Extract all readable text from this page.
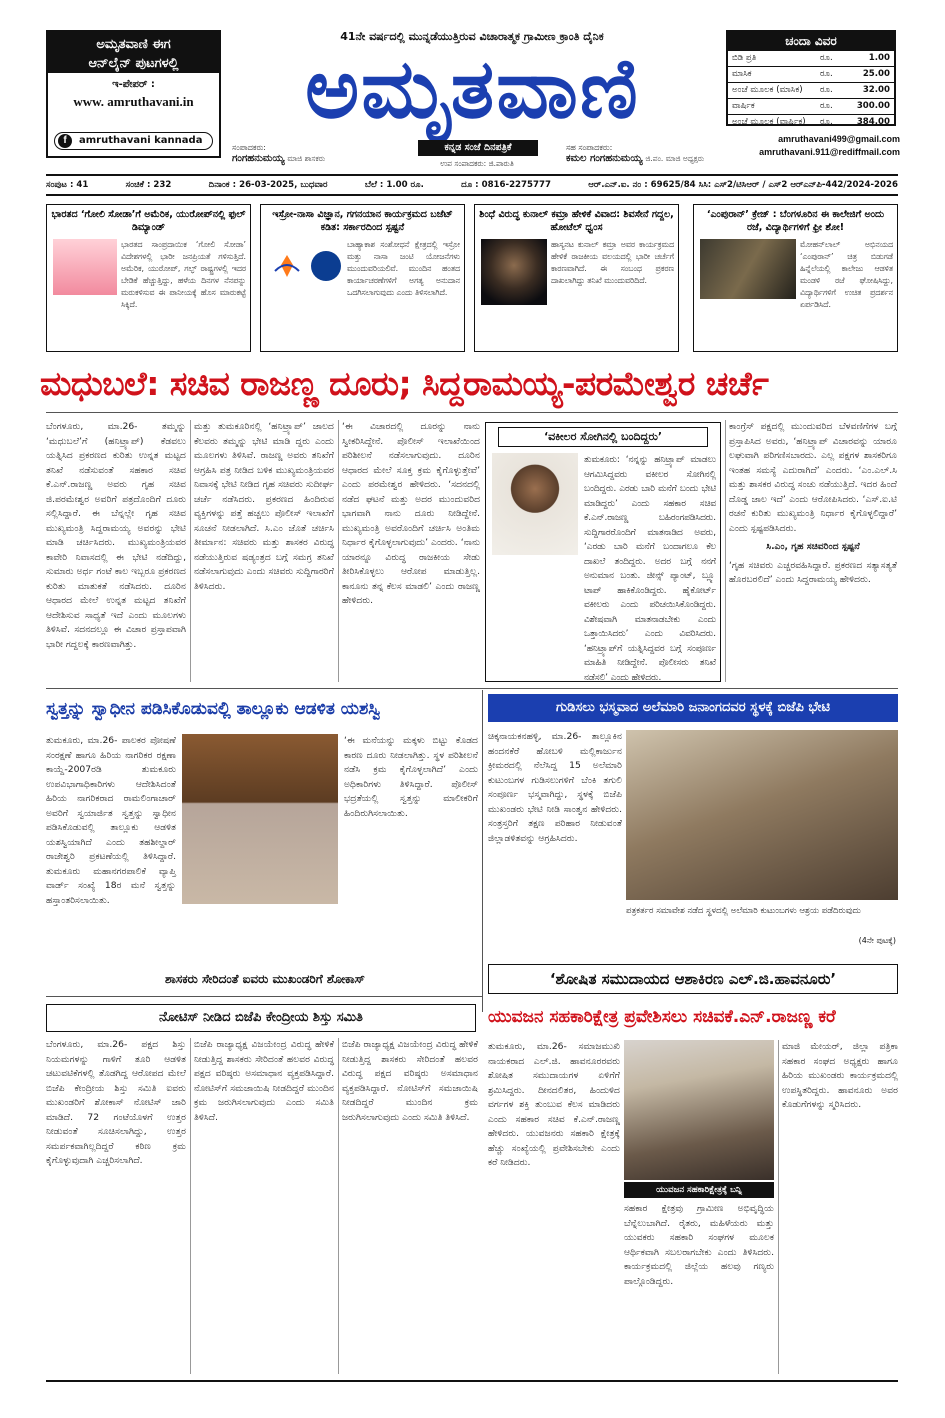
ಅಮೃತವಾಣಿ ಈಗ
ಆನ್‌ಲೈನ್ ಪುಟಗಳಲ್ಲಿ
ಇ-ಪೇಪರ್ :
www. amruthavani.in
f	amruthavani kannada
41ನೇ ವರ್ಷದಲ್ಲಿ ಮುನ್ನಡೆಯುತ್ತಿರುವ ವಿಚಾರಾತ್ಮಕ ಗ್ರಾಮೀಣ ಕ್ರಾಂತಿ ದೈನಿಕ
ಅಮೃತವಾಣಿ
ಕನ್ನಡ ಸಂಜೆ ದಿನಪತ್ರಿಕೆ
ಸಂಪಾದಕರು:
ಗಂಗಹನುಮಯ್ಯ ಮಾಜಿ ಶಾಸಕರು
ಉಪ ಸಂಪಾದಕರು: ಜಿ.ಪಾರುತಿ
ಸಹ ಸಂಪಾದಕರು:
ಕಮಲ ಗಂಗಹನುಮಯ್ಯ ಜಿ.ಪಂ. ಮಾಜಿ ಅಧ್ಯಕ್ಷರು
ಚಂದಾ ವಿವರ
ಬಿಡಿ ಪ್ರತಿ	ರೂ.	1.00
ಮಾಸಿಕ	ರೂ.	25.00
ಅಂಚೆ ಮೂಲಕ (ಮಾಸಿಕ)	ರೂ.	32.00
ವಾರ್ಷಿಕ	ರೂ.	300.00
ಅಂಚೆ ಮೂಲಕ (ವಾರ್ಷಿಕ)	ರೂ.	384.00
amruthavani499@gmail.com
amruthavani.911@rediffmail.com
ಸಂಪುಟ : 41	ಸಂಚಿಕೆ : 232	ದಿನಾಂಕ : 26-03-2025, ಬುಧವಾರ	ಬೆಲೆ : 1.00 ರೂ.	ದೂ : 0816-2275777	ಆರ್.ಎನ್.ಐ. ನಂ : 69625/84 ಸಿಸಿ: ಎಸ್‌2/ಟಿಸಿಆರ್ / ಎಸ್‌2 ಆರ್‌ಎನ್‌ಪಿ-442/2024-2026
ಭಾರತದ ‘ಗೋಲಿ ಸೋಡಾ’ಗೆ ಅಮೆರಿಕ, ಯುರೋಪ್‌ನಲ್ಲಿ ಫುಲ್ ಡಿಮ್ಯಾಂಡ್
ಭಾರತದ ಸಾಂಪ್ರದಾಯಿಕ ‘ಗೋಲಿ ಸೋಡಾ’ ವಿದೇಶಗಳಲ್ಲಿ ಭಾರೀ ಜನಪ್ರಿಯತೆ ಗಳಿಸುತ್ತಿದೆ. ಅಮೆರಿಕ, ಯುರೋಪ್, ಗಲ್ಫ್ ರಾಷ್ಟ್ರಗಳಲ್ಲಿ ಇದರ ಬೇಡಿಕೆ ಹೆಚ್ಚುತ್ತಿದ್ದು, ಹಳೆಯ ದಿನಗಳ ನೆನಪನ್ನು ಮರುಕಳಿಸುವ ಈ ಪಾನೀಯಕ್ಕೆ ಹೊಸ ಮಾರುಕಟ್ಟೆ ಸಿಕ್ಕಿದೆ.
ಇಸ್ರೋ-ನಾಸಾ ವಿಜ್ಞಾನ, ಗಗನಯಾನ ಕಾರ್ಯಕ್ರಮದ ಬಜೆಟ್ ಕಡಿತ: ಸರ್ಕಾರದಿಂದ ಸ್ಪಷ್ಟನೆ
ಬಾಹ್ಯಾಕಾಶ ಸಂಶೋಧನೆ ಕ್ಷೇತ್ರದಲ್ಲಿ ಇಸ್ರೋ ಮತ್ತು ನಾಸಾ ಜಂಟಿ ಯೋಜನೆಗಳು ಮುಂದುವರಿಯಲಿವೆ. ಮುಂದಿನ ಹಂತದ ಕಾರ್ಯಾಚರಣೆಗಳಿಗೆ ಅಗತ್ಯ ಅನುದಾನ ಒದಗಿಸಲಾಗುವುದು ಎಂದು ತಿಳಿಸಲಾಗಿದೆ.
ಶಿಂಧೆ ವಿರುದ್ಧ ಕುನಾಲ್ ಕಮ್ರಾ ಹೇಳಿಕೆ ವಿವಾದ: ಶಿವಸೇನೆ ಗದ್ದಲ, ಹೋಟೆಲ್ ಧ್ವಂಸ
ಹಾಸ್ಯನಟ ಕುನಾಲ್ ಕಮ್ರಾ ಅವರ ಕಾರ್ಯಕ್ರಮದ ಹೇಳಿಕೆ ರಾಜಕೀಯ ವಲಯದಲ್ಲಿ ಭಾರೀ ಚರ್ಚೆಗೆ ಕಾರಣವಾಗಿದೆ. ಈ ಸಂಬಂಧ ಪ್ರಕರಣ ದಾಖಲಾಗಿದ್ದು ತನಿಖೆ ಮುಂದುವರಿದಿದೆ.
‘ಎಂಪುರಾನ್’ ಕ್ರೇಜ್ : ಬೆಂಗಳೂರಿನ ಈ ಕಾಲೇಜಿಗೆ ಅಂದು ರಜೆ, ವಿದ್ಯಾರ್ಥಿಗಳಿಗೆ ಫ್ರೀ ಶೋ!
ಮೋಹನ್‌ಲಾಲ್ ಅಭಿನಯದ ‘ಎಂಪುರಾನ್’ ಚಿತ್ರ ಬಿಡುಗಡೆ ಹಿನ್ನೆಲೆಯಲ್ಲಿ ಕಾಲೇಜು ಆಡಳಿತ ಮಂಡಳಿ ರಜೆ ಘೋಷಿಸಿದ್ದು, ವಿದ್ಯಾರ್ಥಿಗಳಿಗೆ ಉಚಿತ ಪ್ರದರ್ಶನ ಏರ್ಪಡಿಸಿದೆ.
ಮಧುಬಲೆ: ಸಚಿವ ರಾಜಣ್ಣ ದೂರು; ಸಿದ್ದರಾಮಯ್ಯ-ಪರಮೇಶ್ವರ ಚರ್ಚೆ
ಬೆಂಗಳೂರು, ಮಾ.26- ತಮ್ಮನ್ನು ‘ಮಧುಬಲೆ’ಗೆ (ಹನಿಟ್ರ್ಯಾಪ್) ಕೆಡವಲು ಯತ್ನಿಸಿದ ಪ್ರಕರಣದ ಕುರಿತು ಉನ್ನತ ಮಟ್ಟದ ತನಿಖೆ ನಡೆಸುವಂತೆ ಸಹಕಾರ ಸಚಿವ ಕೆ.ಎನ್.ರಾಜಣ್ಣ ಅವರು ಗೃಹ ಸಚಿವ ಜಿ.ಪರಮೇಶ್ವರ ಅವರಿಗೆ ಪತ್ರದೊಂದಿಗೆ ದೂರು ಸಲ್ಲಿಸಿದ್ದಾರೆ. ಈ ಬೆನ್ನಲ್ಲೇ ಗೃಹ ಸಚಿವ ಮುಖ್ಯಮಂತ್ರಿ ಸಿದ್ದರಾಮಯ್ಯ ಅವರನ್ನು ಭೇಟಿ ಮಾಡಿ ಚರ್ಚಿಸಿದರು. ಮುಖ್ಯಮಂತ್ರಿಯವರ ಕಾವೇರಿ ನಿವಾಸದಲ್ಲಿ ಈ ಭೇಟಿ ನಡೆದಿದ್ದು, ಸುಮಾರು ಅರ್ಧ ಗಂಟೆ ಕಾಲ ಇಬ್ಬರೂ ಪ್ರಕರಣದ ಕುರಿತು ಮಾತುಕತೆ ನಡೆಸಿದರು. ದೂರಿನ ಆಧಾರದ ಮೇಲೆ ಉನ್ನತ ಮಟ್ಟದ ತನಿಖೆಗೆ ಆದೇಶಿಸುವ ಸಾಧ್ಯತೆ ಇದೆ ಎಂದು ಮೂಲಗಳು ತಿಳಿಸಿವೆ. ಸದನದಲ್ಲೂ ಈ ವಿಚಾರ ಪ್ರಸ್ತಾಪವಾಗಿ ಭಾರೀ ಗದ್ದಲಕ್ಕೆ ಕಾರಣವಾಗಿತ್ತು.
ಮತ್ತು ತುಮಕೂರಿನಲ್ಲಿ ‘ಹನಿಟ್ರ್ಯಾಪ್’ ಜಾಲದ ಕೆಲವರು ತಮ್ಮನ್ನು ಭೇಟಿ ಮಾಡಿ ದ್ದರು ಎಂದು ಮೂಲಗಳು ತಿಳಿಸಿವೆ. ರಾಜಣ್ಣ ಅವರು ತನಿಖೆಗೆ ಆಗ್ರಹಿಸಿ ಪತ್ರ ನೀಡಿದ ಬಳಿಕ ಮುಖ್ಯಮಂತ್ರಿಯವರ ನಿವಾಸಕ್ಕೆ ಭೇಟಿ ನೀಡಿದ ಗೃಹ ಸಚಿವರು ಸುದೀರ್ಘ ಚರ್ಚೆ ನಡೆಸಿದರು. ಪ್ರಕರಣದ ಹಿಂದಿರುವ ವ್ಯಕ್ತಿಗಳನ್ನು ಪತ್ತೆ ಹಚ್ಚಲು ಪೊಲೀಸ್ ಇಲಾಖೆಗೆ ಸೂಚನೆ ನೀಡಲಾಗಿದೆ. ಸಿ.ಎಂ ಜೊತೆ ಚರ್ಚಿಸಿ ತೀರ್ಮಾನ: ಸಚಿವರು ಮತ್ತು ಶಾಸಕರ ವಿರುದ್ಧ ನಡೆಯುತ್ತಿರುವ ಷಡ್ಯಂತ್ರದ ಬಗ್ಗೆ ಸಮಗ್ರ ತನಿಖೆ ನಡೆಸಲಾಗುವುದು ಎಂದು ಸಚಿವರು ಸುದ್ದಿಗಾರರಿಗೆ ತಿಳಿಸಿದರು.
‘ಈ ವಿಚಾರದಲ್ಲಿ ದೂರನ್ನು ನಾನು ಸ್ವೀಕರಿಸಿದ್ದೇನೆ. ಪೊಲೀಸ್ ಇಲಾಖೆಯಿಂದ ಪರಿಶೀಲನೆ ನಡೆಸಲಾಗುವುದು. ದೂರಿನ ಆಧಾರದ ಮೇಲೆ ಸೂಕ್ತ ಕ್ರಮ ಕೈಗೊಳ್ಳುತ್ತೇವೆ’ ಎಂದು ಪರಮೇಶ್ವರ ಹೇಳಿದರು. ‘ಸದನದಲ್ಲಿ ನಡೆದ ಘಟನೆ ಮತ್ತು ಅದರ ಮುಂದುವರಿದ ಭಾಗವಾಗಿ ನಾನು ದೂರು ನೀಡಿದ್ದೇನೆ. ಮುಖ್ಯಮಂತ್ರಿ ಅವರೊಂದಿಗೆ ಚರ್ಚಿಸಿ ಅಂತಿಮ ನಿರ್ಧಾರ ಕೈಗೊಳ್ಳಲಾಗುವುದು’ ಎಂದರು. ‘ನಾನು ಯಾರನ್ನೂ ವಿರುದ್ಧ ರಾಜಕೀಯ ಸೇಡು ತೀರಿಸಿಕೊಳ್ಳಲು ಆರೋಪ ಮಾಡುತ್ತಿಲ್ಲ. ಕಾನೂನು ತನ್ನ ಕೆಲಸ ಮಾಡಲಿ’ ಎಂದು ರಾಜಣ್ಣ ಹೇಳಿದರು.
‘ವಕೀಲರ ಸೋಗಿನಲ್ಲಿ ಬಂದಿದ್ದರು’
ತುಮಕೂರು: ‘ನನ್ನನ್ನು ಹನಿಟ್ರ್ಯಾಪ್ ಮಾಡಲು ಆಗಮಿಸಿದ್ದವರು ವಕೀಲರ ಸೋಗಿನಲ್ಲಿ ಬಂದಿದ್ದರು. ಎರಡು ಬಾರಿ ಮನೆಗೆ ಬಂದು ಭೇಟಿ ಮಾಡಿದ್ದರು’ ಎಂದು ಸಹಕಾರ ಸಚಿವ ಕೆ.ಎನ್.ರಾಜಣ್ಣ ಬಹಿರಂಗಪಡಿಸಿದರು. ಸುದ್ದಿಗಾರರೊಂದಿಗೆ ಮಾತನಾಡಿದ ಅವರು, ‘ಎರಡು ಬಾರಿ ಮನೆಗೆ ಬಂದಾಗಲೂ ಕೆಲ ದಾಖಲೆ ತಂದಿದ್ದರು. ಅದರ ಬಗ್ಗೆ ನನಗೆ ಅನುಮಾನ ಬಂತು. ಜೀನ್ಸ್ ಪ್ಯಾಂಟ್, ಬ್ಲ್ಯೂ ಟಾಪ್ ಹಾಕಿಕೊಂಡಿದ್ದರು. ಹೈಕೋರ್ಟ್ ವಕೀಲರು ಎಂದು ಪರಿಚಯಿಸಿಕೊಂಡಿದ್ದರು. ವಿಶೇಷವಾಗಿ ಮಾತನಾಡಬೇಕು ಎಂದು ಒತ್ತಾಯಿಸಿದರು’ ಎಂದು ವಿವರಿಸಿದರು. ‘ಹನಿಟ್ರ್ಯಾಪ್‌ಗೆ ಯತ್ನಿಸಿದ್ದವರ ಬಗ್ಗೆ ಸಂಪೂರ್ಣ ಮಾಹಿತಿ ನೀಡಿದ್ದೇನೆ. ಪೊಲೀಸರು ತನಿಖೆ ನಡೆಸಲಿ’ ಎಂದು ಹೇಳಿದರು.
ಕಾಂಗ್ರೆಸ್ ಪಕ್ಷದಲ್ಲಿ ಮುಂದುವರಿದ ಬೆಳವಣಿಗೆಗಳ ಬಗ್ಗೆ ಪ್ರಸ್ತಾಪಿಸಿದ ಅವರು, ‘ಹನಿಟ್ರ್ಯಾಪ್ ವಿಚಾರವನ್ನು ಯಾರೂ ಲಘುವಾಗಿ ಪರಿಗಣಿಸಬಾರದು. ಎಲ್ಲ ಪಕ್ಷಗಳ ಶಾಸಕರಿಗೂ ಇಂತಹ ಸಮಸ್ಯೆ ಎದುರಾಗಿದೆ’ ಎಂದರು. ‘ಎಂ.ಎಲ್.ಸಿ ಮತ್ತು ಶಾಸಕರ ವಿರುದ್ಧ ಸಂಚು ನಡೆಯುತ್ತಿದೆ. ಇದರ ಹಿಂದೆ ದೊಡ್ಡ ಜಾಲ ಇದೆ’ ಎಂದು ಆರೋಪಿಸಿದರು. ‘ಎಸ್.ಐ.ಟಿ ರಚನೆ ಕುರಿತು ಮುಖ್ಯಮಂತ್ರಿ ನಿರ್ಧಾರ ಕೈಗೊಳ್ಳಲಿದ್ದಾರೆ’ ಎಂದು ಸ್ಪಷ್ಟಪಡಿಸಿದರು.
ಸಿ.ಎಂ, ಗೃಹ ಸಚಿವರಿಂದ ಸ್ಪಷ್ಟನೆ
‘ಗೃಹ ಸಚಿವರು ಎಚ್ಚರವಹಿಸಿದ್ದಾರೆ. ಪ್ರಕರಣದ ಸತ್ಯಾಸತ್ಯತೆ ಹೊರಬರಲಿದೆ’ ಎಂದು ಸಿದ್ದರಾಮಯ್ಯ ಹೇಳಿದರು.
ಸ್ವತ್ತನ್ನು ಸ್ವಾಧೀನ ಪಡಿಸಿಕೊಡುವಲ್ಲಿ ತಾಲ್ಲೂಕು ಆಡಳಿತ ಯಶಸ್ವಿ
ತುಮಕೂರು, ಮಾ.26- ಪಾಲಕರ ಪೋಷಣೆ ಸಂರಕ್ಷಣೆ ಹಾಗೂ ಹಿರಿಯ ನಾಗರಿಕರ ರಕ್ಷಣಾ ಕಾಯ್ದೆ-2007ರಡಿ ತುಮಕೂರು ಉಪವಿಭಾಗಾಧಿಕಾರಿಗಳು ಆದೇಶಿಸಿದಂತೆ ಹಿರಿಯ ನಾಗರಿಕರಾದ ರಾಮಲಿಂಗಾಚಾರ್ ಅವರಿಗೆ ಸ್ವಯಾರ್ಜಿತ ಸ್ವತ್ತನ್ನು ಸ್ವಾಧೀನ ಪಡಿಸಿಕೊಡುವಲ್ಲಿ ತಾಲ್ಲೂಕು ಆಡಳಿತ ಯಶಸ್ವಿಯಾಗಿದೆ ಎಂದು ತಹಶೀಲ್ದಾರ್ ರಾಜೇಶ್ವರಿ ಪ್ರಕಟಣೆಯಲ್ಲಿ ತಿಳಿಸಿದ್ದಾರೆ. ತುಮಕೂರು ಮಹಾನಗರಪಾಲಿಕೆ ವ್ಯಾಪ್ತಿ ವಾರ್ಡ್ ಸಂಖ್ಯೆ 18ರ ಮನೆ ಸ್ವತ್ತನ್ನು ಹಸ್ತಾಂತರಿಸಲಾಯಿತು.
‘ಈ ಮನೆಯನ್ನು ಮಕ್ಕಳು ಬಿಟ್ಟು ಕೊಡದ ಕಾರಣ ದೂರು ನೀಡಲಾಗಿತ್ತು. ಸ್ಥಳ ಪರಿಶೀಲನೆ ನಡೆಸಿ ಕ್ರಮ ಕೈಗೊಳ್ಳಲಾಗಿದೆ’ ಎಂದು ಅಧಿಕಾರಿಗಳು ತಿಳಿಸಿದ್ದಾರೆ. ಪೊಲೀಸ್ ಭದ್ರತೆಯಲ್ಲಿ ಸ್ವತ್ತನ್ನು ಮಾಲೀಕರಿಗೆ ಹಿಂದಿರುಗಿಸಲಾಯಿತು.
ಶಾಸಕರು ಸೇರಿದಂತೆ ಐವರು ಮುಖಂಡರಿಗೆ ಶೋಕಾಸ್
ಗುಡಿಸಲು ಭಸ್ಮವಾದ ಅಲೆಮಾರಿ ಜನಾಂಗದವರ ಸ್ಥಳಕ್ಕೆ ಬಿಜೆಪಿ ಭೇಟಿ
ಚಿಕ್ಕನಾಯಕನಹಳ್ಳಿ, ಮಾ.26- ತಾಲ್ಲೂಕಿನ ಹಂದನಕೆರೆ ಹೋಬಳಿ ಮಲ್ಲಿಕಾರ್ಜುನ ಕ್ರೀಮರದಲ್ಲಿ ನೆಲೆಸಿದ್ದ 15 ಅಲೆಮಾರಿ ಕುಟುಂಬಗಳ ಗುಡಿಸಲುಗಳಿಗೆ ಬೆಂಕಿ ತಗುಲಿ ಸಂಪೂರ್ಣ ಭಸ್ಮವಾಗಿದ್ದು, ಸ್ಥಳಕ್ಕೆ ಬಿಜೆಪಿ ಮುಖಂಡರು ಭೇಟಿ ನೀಡಿ ಸಾಂತ್ವನ ಹೇಳಿದರು. ಸಂತ್ರಸ್ತರಿಗೆ ತಕ್ಷಣ ಪರಿಹಾರ ನೀಡುವಂತೆ ಜಿಲ್ಲಾಡಳಿತವನ್ನು ಆಗ್ರಹಿಸಿದರು.
ಪತ್ರಕರ್ತರ ಸಮಾವೇಶ ನಡೆದ ಸ್ಥಳದಲ್ಲಿ ಅಲೆಮಾರಿ ಕುಟುಂಬಗಳು ಆಶ್ರಯ ಪಡೆದಿರುವುದು
(4ನೇ ಪುಟಕ್ಕೆ)
‘ಶೋಷಿತ ಸಮುದಾಯದ ಆಶಾಕಿರಣ ಎಲ್.ಜಿ.ಹಾವನೂರು’
ನೋಟಿಸ್ ನೀಡಿದ ಬಿಜೆಪಿ ಕೇಂದ್ರೀಯ ಶಿಸ್ತು ಸಮಿತಿ
ಬೆಂಗಳೂರು, ಮಾ.26- ಪಕ್ಷದ ಶಿಸ್ತು ನಿಯಮಗಳನ್ನು ಗಾಳಿಗೆ ತೂರಿ ಆಡಳಿತ ಚಟುವಟಿಕೆಗಳಲ್ಲಿ ತೊಡಗಿದ್ದ ಆರೋಪದ ಮೇಲೆ ಬಿಜೆಪಿ ಕೇಂದ್ರೀಯ ಶಿಸ್ತು ಸಮಿತಿ ಐವರು ಮುಖಂಡರಿಗೆ ಶೋಕಾಸ್ ನೋಟಿಸ್ ಜಾರಿ ಮಾಡಿದೆ. 72 ಗಂಟೆಯೊಳಗೆ ಉತ್ತರ ನೀಡುವಂತೆ ಸೂಚಿಸಲಾಗಿದ್ದು, ಉತ್ತರ ಸಮರ್ಪಕವಾಗಿಲ್ಲದಿದ್ದರೆ ಕಠಿಣ ಕ್ರಮ ಕೈಗೊಳ್ಳುವುದಾಗಿ ಎಚ್ಚರಿಸಲಾಗಿದೆ.
ಬಿಜೆಪಿ ರಾಜ್ಯಾಧ್ಯಕ್ಷ ವಿಜಯೇಂದ್ರ ವಿರುದ್ಧ ಹೇಳಿಕೆ ನೀಡುತ್ತಿದ್ದ ಶಾಸಕರು ಸೇರಿದಂತೆ ಹಲವರ ವಿರುದ್ಧ ಪಕ್ಷದ ವರಿಷ್ಠರು ಅಸಮಾಧಾನ ವ್ಯಕ್ತಪಡಿಸಿದ್ದಾರೆ. ನೋಟಿಸ್‌ಗೆ ಸಮಜಾಯಿಷಿ ನೀಡದಿದ್ದರೆ ಮುಂದಿನ ಕ್ರಮ ಜರುಗಿಸಲಾಗುವುದು ಎಂದು ಸಮಿತಿ ತಿಳಿಸಿದೆ.
ಬಿಜೆಪಿ ರಾಜ್ಯಾಧ್ಯಕ್ಷ ವಿಜಯೇಂದ್ರ ವಿರುದ್ಧ ಹೇಳಿಕೆ ನೀಡುತ್ತಿದ್ದ ಶಾಸಕರು ಸೇರಿದಂತೆ ಹಲವರ ವಿರುದ್ಧ ಪಕ್ಷದ ವರಿಷ್ಠರು ಅಸಮಾಧಾನ ವ್ಯಕ್ತಪಡಿಸಿದ್ದಾರೆ. ನೋಟಿಸ್‌ಗೆ ಸಮಜಾಯಿಷಿ ನೀಡದಿದ್ದರೆ ಮುಂದಿನ ಕ್ರಮ ಜರುಗಿಸಲಾಗುವುದು ಎಂದು ಸಮಿತಿ ತಿಳಿಸಿದೆ.
ಯುವಜನ ಸಹಕಾರಿಕ್ಷೇತ್ರ ಪ್ರವೇಶಿಸಲು ಸಚಿವಕೆ.ಎನ್.ರಾಜಣ್ಣ ಕರೆ
ತುಮಕೂರು, ಮಾ.26- ಸಮಾಜಮುಖಿ ನಾಯಕರಾದ ಎಲ್.ಜಿ. ಹಾವನೂರರವರು ಶೋಷಿತ ಸಮುದಾಯಗಳ ಏಳಿಗೆಗೆ ಶ್ರಮಿಸಿದ್ದರು. ದೀನದಲಿತರ, ಹಿಂದುಳಿದ ವರ್ಗಗಳ ಶಕ್ತಿ ತುಂಬುವ ಕೆಲಸ ಮಾಡಿದರು ಎಂದು ಸಹಕಾರ ಸಚಿವ ಕೆ.ಎನ್.ರಾಜಣ್ಣ ಹೇಳಿದರು. ಯುವಜನರು ಸಹಕಾರಿ ಕ್ಷೇತ್ರಕ್ಕೆ ಹೆಚ್ಚು ಸಂಖ್ಯೆಯಲ್ಲಿ ಪ್ರವೇಶಿಸಬೇಕು ಎಂದು ಕರೆ ನೀಡಿದರು.
ಯುವಜನ ಸಹಕಾರಿಕ್ಷೇತ್ರಕ್ಕೆ ಬನ್ನಿ
ಸಹಕಾರ ಕ್ಷೇತ್ರವು ಗ್ರಾಮೀಣ ಅಭಿವೃದ್ಧಿಯ ಬೆನ್ನೆಲುಬಾಗಿದೆ. ರೈತರು, ಮಹಿಳೆಯರು ಮತ್ತು ಯುವಕರು ಸಹಕಾರಿ ಸಂಘಗಳ ಮೂಲಕ ಆರ್ಥಿಕವಾಗಿ ಸಬಲರಾಗಬೇಕು ಎಂದು ತಿಳಿಸಿದರು. ಕಾರ್ಯಕ್ರಮದಲ್ಲಿ ಜಿಲ್ಲೆಯ ಹಲವು ಗಣ್ಯರು ಪಾಲ್ಗೊಂಡಿದ್ದರು.
ಮಾಜಿ ಮೇಯರ್, ಜಿಲ್ಲಾ ಪತ್ರಿಕಾ ಸಹಕಾರ ಸಂಘದ ಅಧ್ಯಕ್ಷರು ಹಾಗೂ ಹಿರಿಯ ಮುಖಂಡರು ಕಾರ್ಯಕ್ರಮದಲ್ಲಿ ಉಪಸ್ಥಿತರಿದ್ದರು. ಹಾವನೂರು ಅವರ ಕೊಡುಗೆಗಳನ್ನು ಸ್ಮರಿಸಿದರು.
